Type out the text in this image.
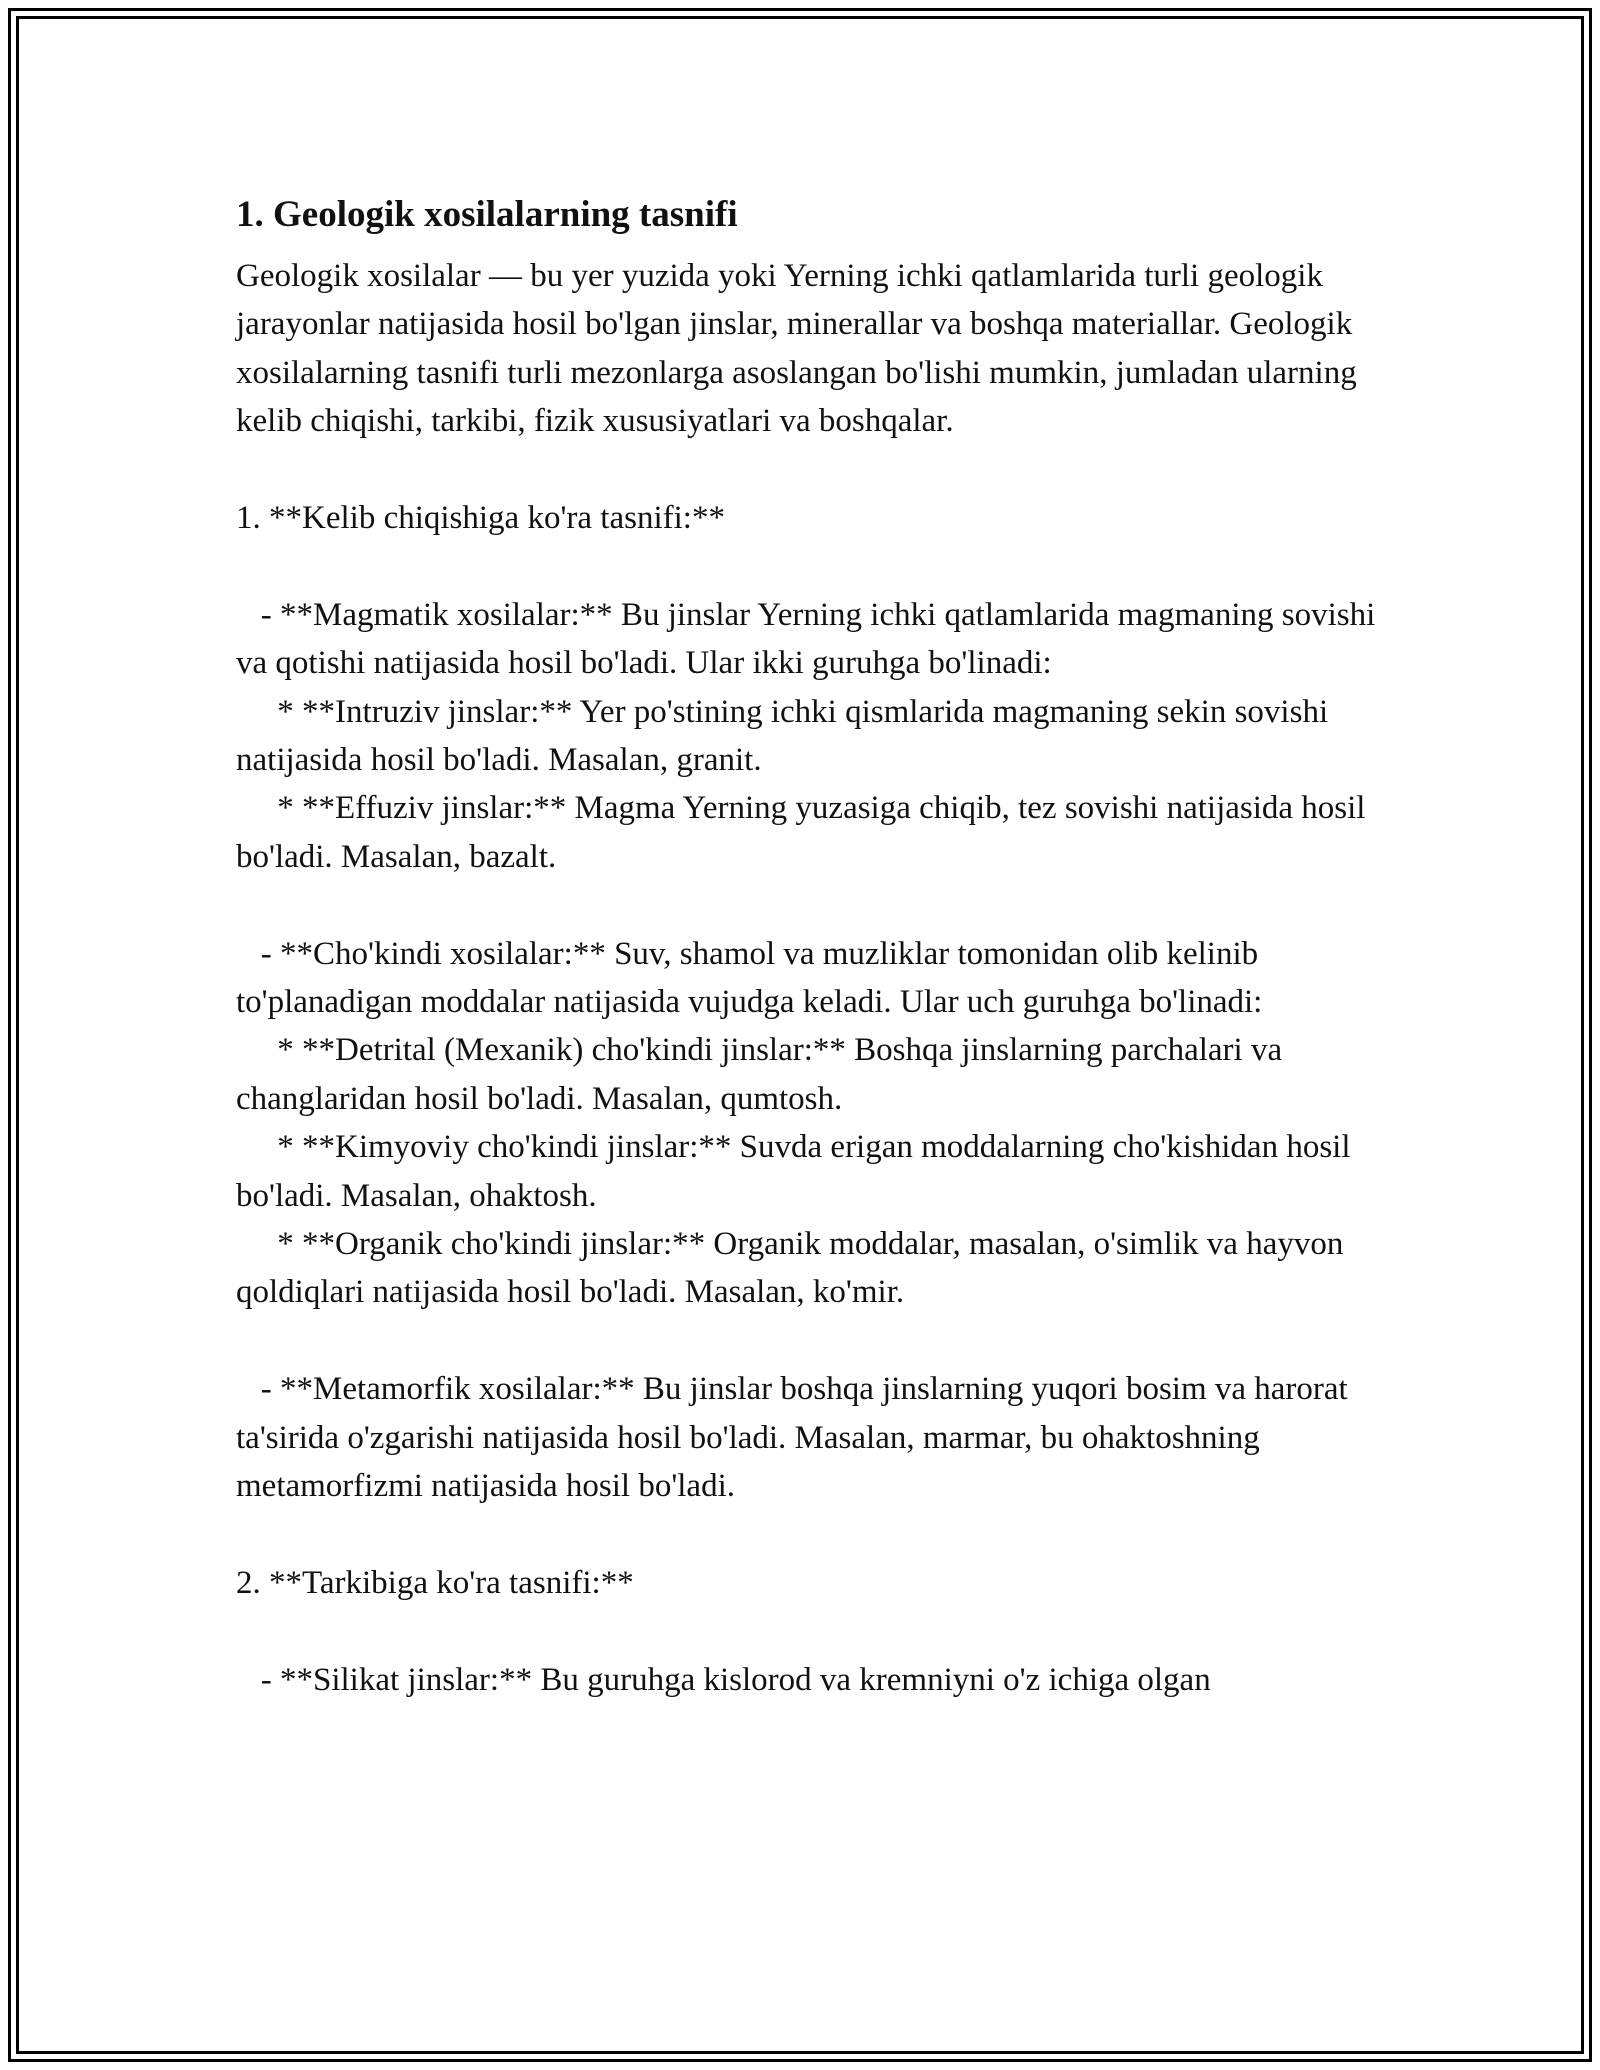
1. Geologik xosilalarning tasnifi

Geologik xosilalar — bu yer yuzida yoki Yerning ichki qatlamlarida turli geologik jarayonlar natijasida hosil bo'lgan jinslar, minerallar va boshqa materiallar. Geologik xosilalarning tasnifi turli mezonlarga asoslangan bo'lishi mumkin, jumladan ularning kelib chiqishi, tarkibi, fizik xususiyatlari va boshqalar.

1. **Kelib chiqishiga ko'ra tasnifi:**

- **Magmatik xosilalar:** Bu jinslar Yerning ichki qatlamlarida magmaning sovishi va qotishi natijasida hosil bo'ladi. Ular ikki guruhga bo'linadi:

* **Intruziv jinslar:** Yer po'stining ichki qismlarida magmaning sekin sovishi natijasida hosil bo'ladi. Masalan, granit.

* **Effuziv jinslar:** Magma Yerning yuzasiga chiqib, tez sovishi natijasida hosil bo'ladi. Masalan, bazalt.

- **Cho'kindi xosilalar:** Suv, shamol va muzliklar tomonidan olib kelinib to'planadigan moddalar natijasida vujudga keladi. Ular uch guruhga bo'linadi:

* **Detrital (Mexanik) cho'kindi jinslar:** Boshqa jinslarning parchalari va changlaridan hosil bo'ladi. Masalan, qumtosh.

* **Kimyoviy cho'kindi jinslar:** Suvda erigan moddalarning cho'kishidan hosil bo'ladi. Masalan, ohaktosh.

* **Organik cho'kindi jinslar:** Organik moddalar, masalan, o'simlik va hayvon qoldiqlari natijasida hosil bo'ladi. Masalan, ko'mir.

- **Metamorfik xosilalar:** Bu jinslar boshqa jinslarning yuqori bosim va harorat ta'sirida o'zgarishi natijasida hosil bo'ladi. Masalan, marmar, bu ohaktoshning metamorfizmi natijasida hosil bo'ladi.

2. **Tarkibiga ko'ra tasnifi:**

- **Silikat jinslar:** Bu guruhga kislorod va kremniyni o'z ichiga olgan
